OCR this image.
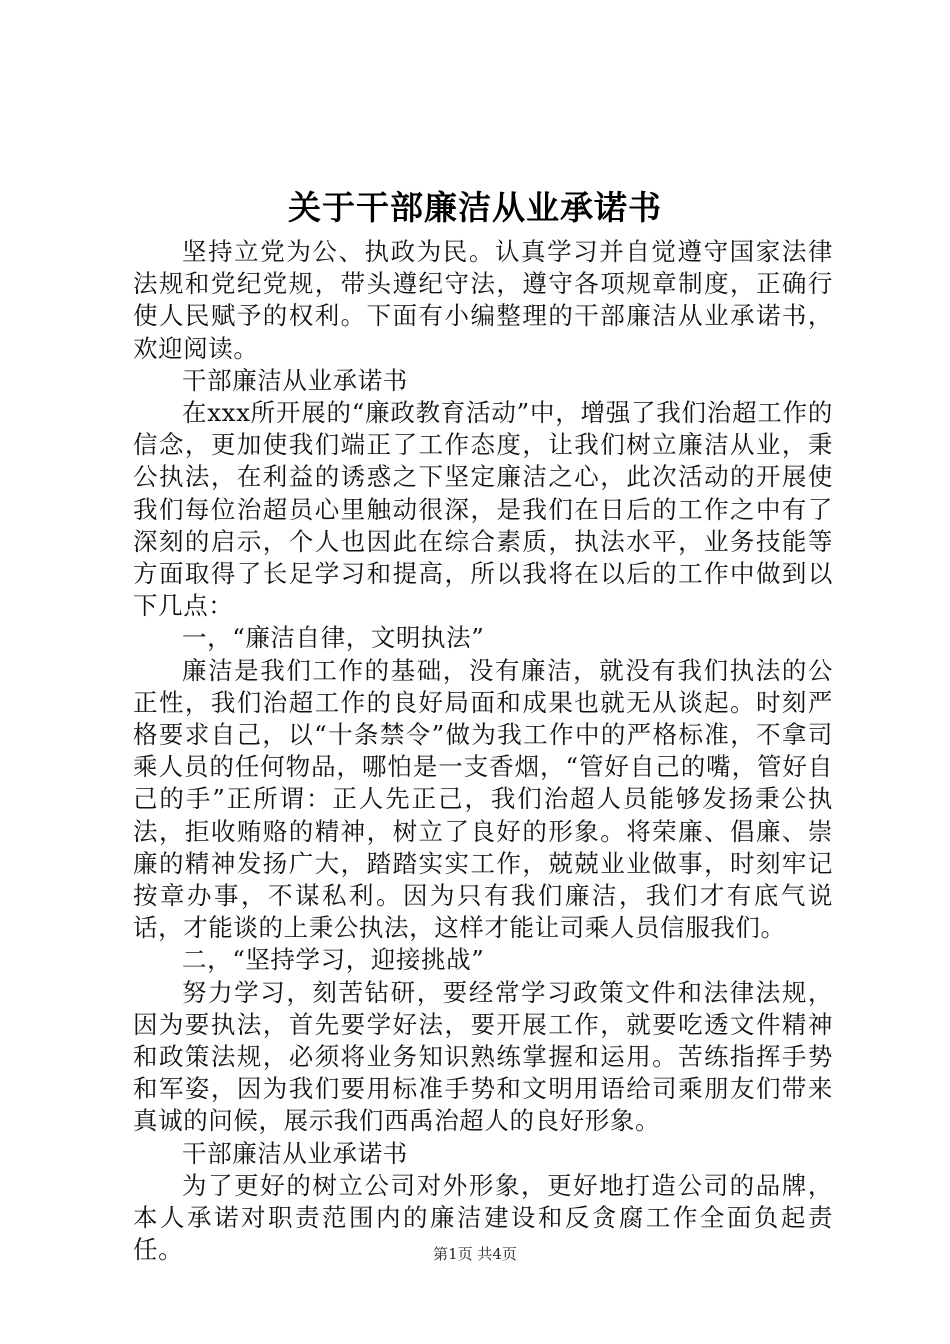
关于干部廉洁从业承诺书

坚持立党为公、执政为民。认真学习并自觉遵守国家法律法规和党纪党规，带头遵纪守法，遵守各项规章制度，正确行使人民赋予的权利。下面有小编整理的干部廉洁从业承诺书，欢迎阅读。

干部廉洁从业承诺书

在xxx所开展的“廉政教育活动”中，增强了我们治超工作的信念，更加使我们端正了工作态度，让我们树立廉洁从业，秉公执法，在利益的诱惑之下坚定廉洁之心，此次活动的开展使我们每位治超员心里触动很深，是我们在日后的工作之中有了深刻的启示，个人也因此在综合素质，执法水平，业务技能等方面取得了长足学习和提高，所以我将在以后的工作中做到以下几点：

一，“廉洁自律，文明执法”

廉洁是我们工作的基础，没有廉洁，就没有我们执法的公正性，我们治超工作的良好局面和成果也就无从谈起。时刻严格要求自己，以“十条禁令”做为我工作中的严格标准，不拿司乘人员的任何物品，哪怕是一支香烟，“管好自己的嘴，管好自己的手”正所谓：正人先正己，我们治超人员能够发扬秉公执法，拒收贿赂的精神，树立了良好的形象。将荣廉、倡廉、崇廉的精神发扬广大，踏踏实实工作，兢兢业业做事，时刻牢记按章办事，不谋私利。因为只有我们廉洁，我们才有底气说话，才能谈的上秉公执法，这样才能让司乘人员信服我们。

二，“坚持学习，迎接挑战”

努力学习，刻苦钻研，要经常学习政策文件和法律法规，因为要执法，首先要学好法，要开展工作，就要吃透文件精神和政策法规，必须将业务知识熟练掌握和运用。苦练指挥手势和军姿，因为我们要用标准手势和文明用语给司乘朋友们带来真诚的问候，展示我们西禹治超人的良好形象。

干部廉洁从业承诺书

为了更好的树立公司对外形象，更好地打造公司的品牌，本人承诺对职责范围内的廉洁建设和反贪腐工作全面负起责任。	第1页 共4页
